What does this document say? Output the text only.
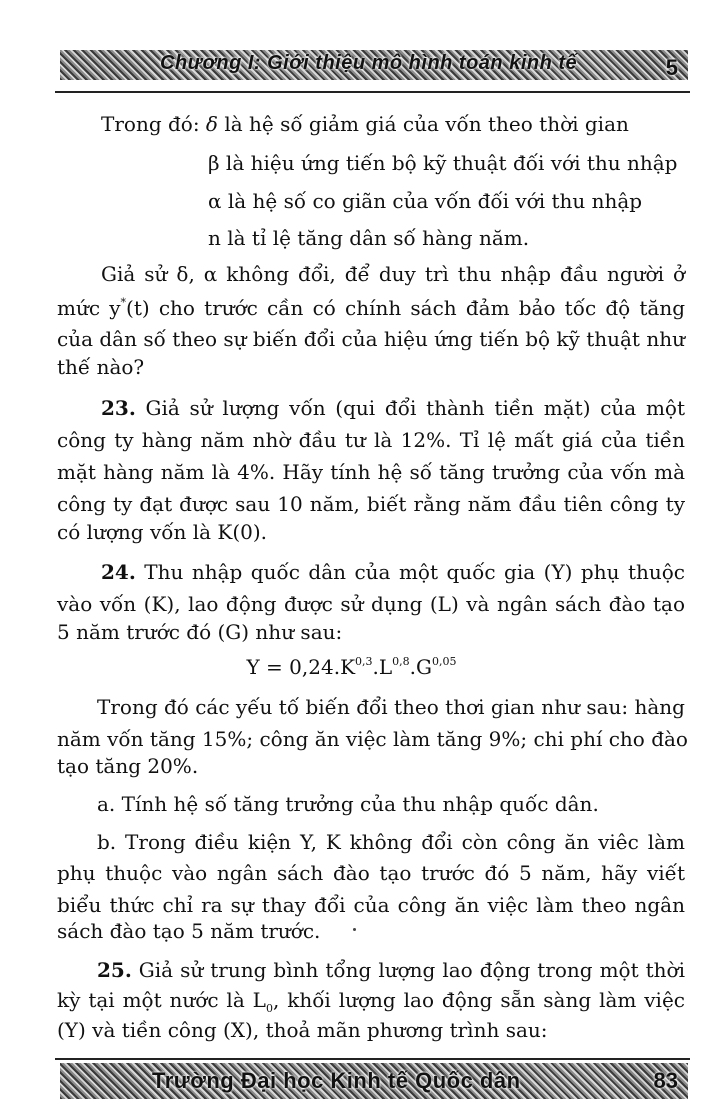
Chương I: Giới thiệu mô hình toán kinh tế	5
Trong đó: δ là hệ số giảm giá của vốn theo thời gian
β là hiệu ứng tiến bộ kỹ thuật đối với thu nhập
α là hệ số co giãn của vốn đối với thu nhập
n là tỉ lệ tăng dân số hàng năm.
Giả sử δ, α không đổi, để duy trì thu nhập đầu người ở
mức y*(t) cho trước cần có chính sách đảm bảo tốc độ tăng
của dân số theo sự biến đổi của hiệu ứng tiến bộ kỹ thuật như
thế nào?
23. Giả sử lượng vốn (qui đổi thành tiền mặt) của một
công ty hàng năm nhờ đầu tư là 12%. Tỉ lệ mất giá của tiền
mặt hàng năm là 4%. Hãy tính hệ số tăng trưởng của vốn mà
công ty đạt được sau 10 năm, biết rằng năm đầu tiên công ty
có lượng vốn là K(0).
24. Thu nhập quốc dân của một quốc gia (Y) phụ thuộc
vào vốn (K), lao động được sử dụng (L) và ngân sách đào tạo
5 năm trước đó (G) như sau:
$Y = 0,24.K^{0,3}.L^{0,8}.G^{0,05}$
Trong đó các yếu tố biến đổi theo thơi gian như sau: hàng
năm vốn tăng 15%; công ăn việc làm tăng 9%; chi phí cho đào
tạo tăng 20%.
a. Tính hệ số tăng trưởng của thu nhập quốc dân.
b. Trong điều kiện Y, K không đổi còn công ăn viêc làm
phụ thuộc vào ngân sách đào tạo trước đó 5 năm, hãy viết
biểu thức chỉ ra sự thay đổi của công ăn việc làm theo ngân
sách đào tạo 5 năm trước.
25. Giả sử trung bình tổng lượng lao động trong một thời
kỳ tại một nước là $L_0$, khối lượng lao động sẵn sàng làm việc
(Y) và tiền công (X), thoả mãn phương trình sau:
Trường Đại học Kinh tế Quốc dân	83
